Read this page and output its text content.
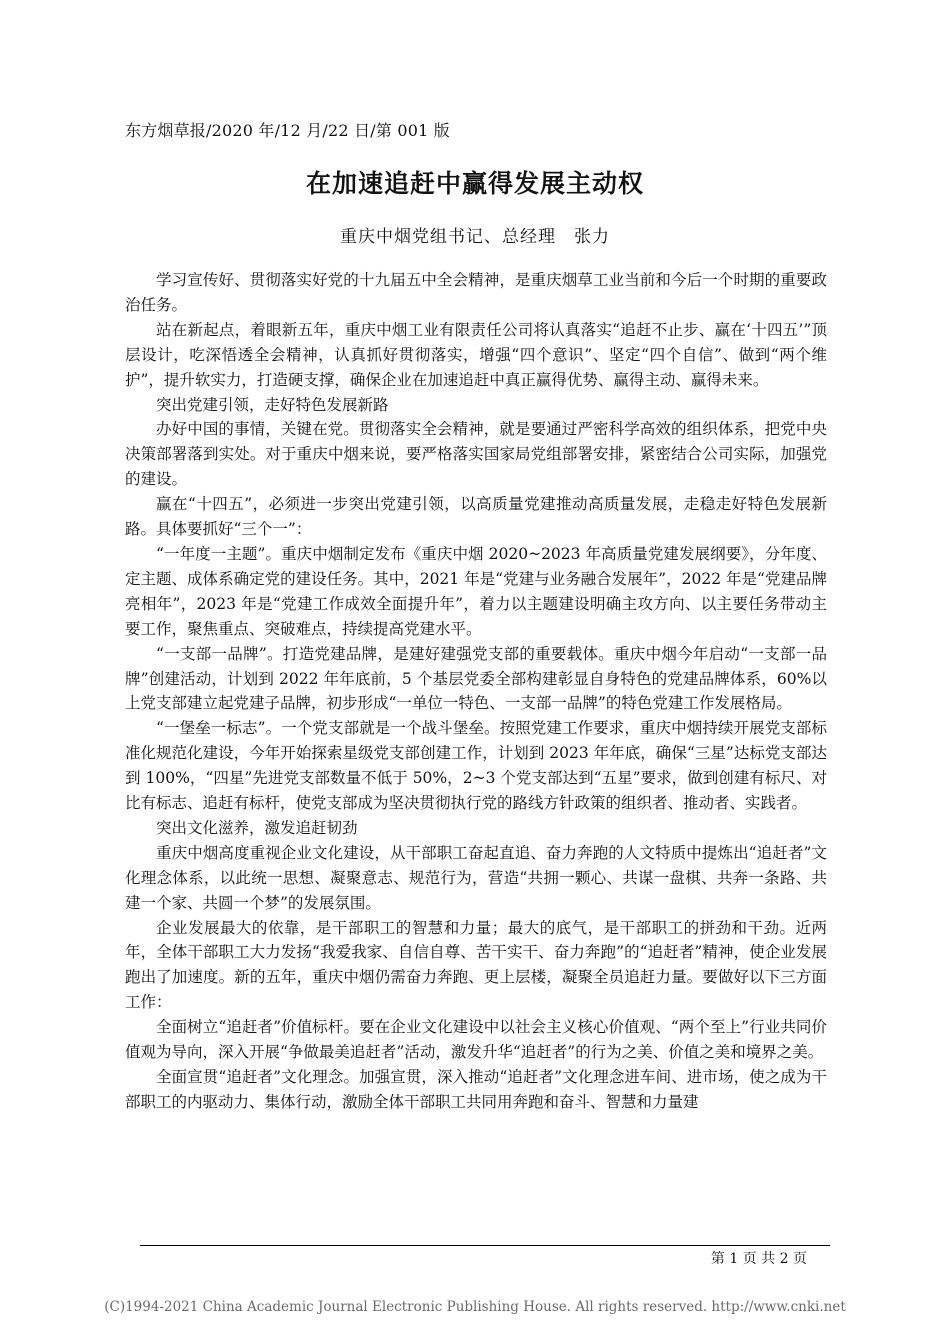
东方烟草报/2020 年/12 月/22 日/第 001 版
在加速追赶中赢得发展主动权
重庆中烟党组书记、总经理　张力

学习宣传好、贯彻落实好党的十九届五中全会精神，是重庆烟草工业当前和今后一个时期的重要政治任务。

站在新起点，着眼新五年，重庆中烟工业有限责任公司将认真落实“追赶不止步、赢在‘十四五’”顶层设计，吃深悟透全会精神，认真抓好贯彻落实，增强“四个意识”、坚定“四个自信”、做到“两个维护”，提升软实力，打造硬支撑，确保企业在加速追赶中真正赢得优势、赢得主动、赢得未来。

突出党建引领，走好特色发展新路

办好中国的事情，关键在党。贯彻落实全会精神，就是要通过严密科学高效的组织体系，把党中央决策部署落到实处。对于重庆中烟来说，要严格落实国家局党组部署安排，紧密结合公司实际，加强党的建设。

赢在“十四五”，必须进一步突出党建引领，以高质量党建推动高质量发展，走稳走好特色发展新路。具体要抓好“三个一”：

“一年度一主题”。重庆中烟制定发布《重庆中烟 2020~2023 年高质量党建发展纲要》，分年度、定主题、成体系确定党的建设任务。其中，2021 年是“党建与业务融合发展年”，2022 年是“党建品牌亮相年”，2023 年是“党建工作成效全面提升年”，着力以主题建设明确主攻方向、以主要任务带动主要工作，聚焦重点、突破难点，持续提高党建水平。

“一支部一品牌”。打造党建品牌，是建好建强党支部的重要载体。重庆中烟今年启动“一支部一品牌”创建活动，计划到 2022 年年底前，5 个基层党委全部构建彰显自身特色的党建品牌体系，60%以上党支部建立起党建子品牌，初步形成“一单位一特色、一支部一品牌”的特色党建工作发展格局。

“一堡垒一标志”。一个党支部就是一个战斗堡垒。按照党建工作要求，重庆中烟持续开展党支部标准化规范化建设，今年开始探索星级党支部创建工作，计划到 2023 年年底，确保“三星”达标党支部达到 100%，“四星”先进党支部数量不低于 50%，2~3 个党支部达到“五星”要求，做到创建有标尺、对比有标志、追赶有标杆，使党支部成为坚决贯彻执行党的路线方针政策的组织者、推动者、实践者。

突出文化滋养，激发追赶韧劲

重庆中烟高度重视企业文化建设，从干部职工奋起直追、奋力奔跑的人文特质中提炼出“追赶者”文化理念体系，以此统一思想、凝聚意志、规范行为，营造“共拥一颗心、共谋一盘棋、共奔一条路、共建一个家、共圆一个梦”的发展氛围。

企业发展最大的依靠，是干部职工的智慧和力量；最大的底气，是干部职工的拼劲和干劲。近两年，全体干部职工大力发扬“我爱我家、自信自尊、苦干实干、奋力奔跑”的“追赶者”精神，使企业发展跑出了加速度。新的五年，重庆中烟仍需奋力奔跑、更上层楼，凝聚全员追赶力量。要做好以下三方面工作：

全面树立“追赶者”价值标杆。要在企业文化建设中以社会主义核心价值观、“两个至上”行业共同价值观为导向，深入开展“争做最美追赶者”活动，激发升华“追赶者”的行为之美、价值之美和境界之美。

全面宣贯“追赶者”文化理念。加强宣贯，深入推动“追赶者”文化理念进车间、进市场，使之成为干部职工的内驱动力、集体行动，激励全体干部职工共同用奔跑和奋斗、智慧和力量建

第 1 页 共 2 页
(C)1994-2021 China Academic Journal Electronic Publishing House. All rights reserved. http://www.cnki.net
